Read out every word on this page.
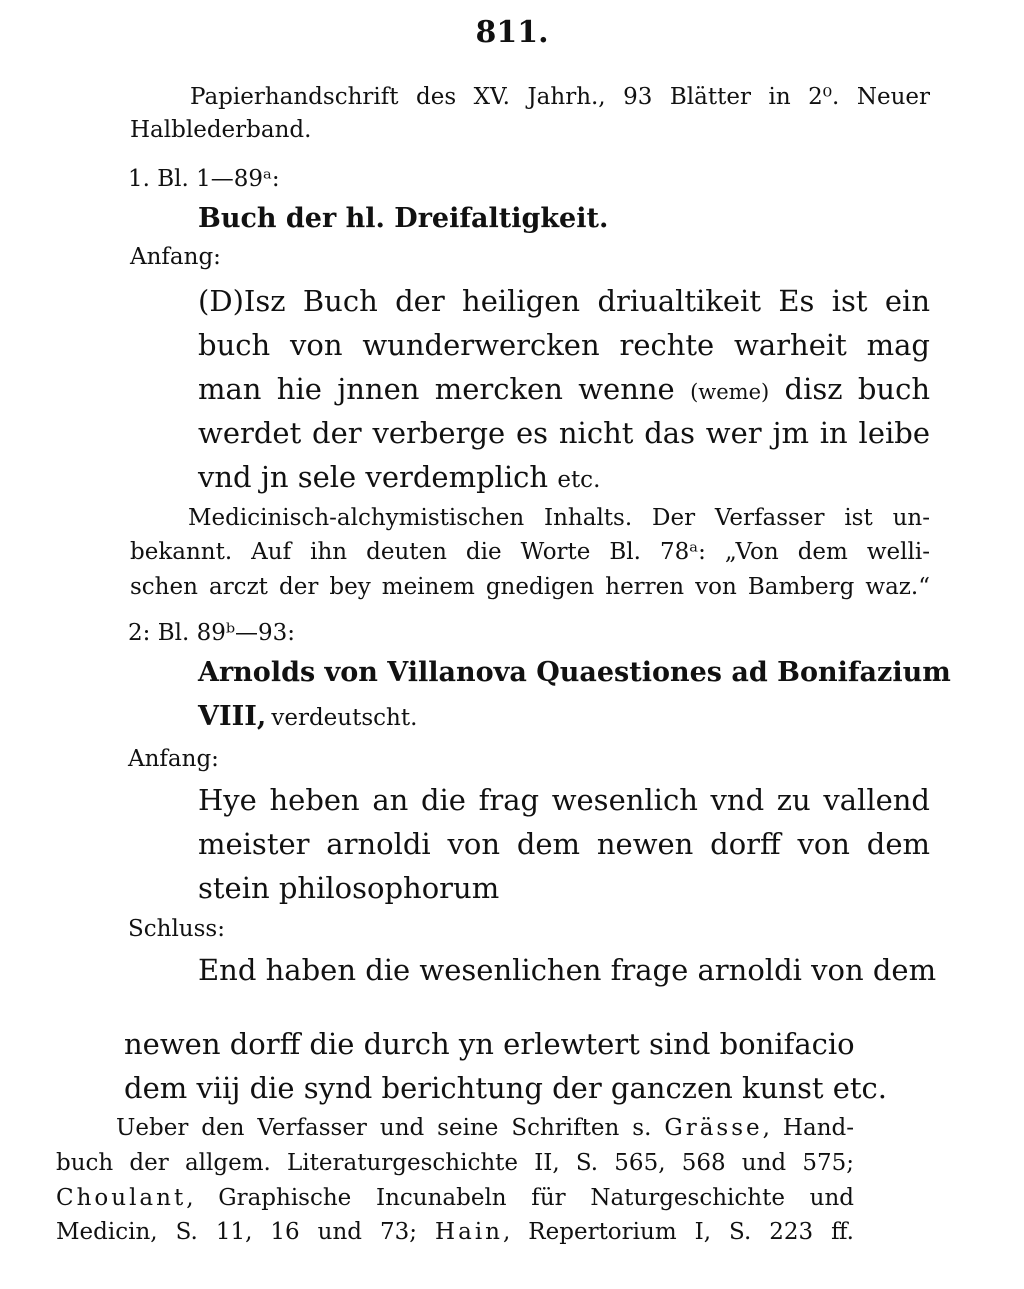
811.
Papierhandschrift des XV. Jahrh., 93 Blätter in 2⁰. Neuer
Halblederband.
1. Bl. 1—89ᵃ:
Buch der hl. Dreifaltigkeit.
Anfang:
(D)Isz Buch der heiligen driualtikeit Es ist ein
buch von wunderwercken rechte warheit mag
man hie jnnen mercken wenne (weme) disz buch
werdet der verberge es nicht das wer jm in leibe
vnd jn sele verdemplich etc.
Medicinisch-alchymistischen Inhalts. Der Verfasser ist un-
bekannt. Auf ihn deuten die Worte Bl. 78ᵃ: „Von dem welli-
schen arczt der bey meinem gnedigen herren von Bamberg waz.“
2: Bl. 89ᵇ—93:
Arnolds von Villanova Quaestiones ad Bonifazium
VIII, verdeutscht.
Anfang:
Hye heben an die frag wesenlich vnd zu vallend
meister arnoldi von dem newen dorff von dem
stein philosophorum
Schluss:
End haben die wesenlichen frage arnoldi von dem
newen dorff die durch yn erlewtert sind bonifacio
dem viij die synd berichtung der ganczen kunst etc.
Ueber den Verfasser und seine Schriften s. Grässe, Hand-
buch der allgem. Literaturgeschichte II, S. 565, 568 und 575;
Choulant, Graphische Incunabeln für Naturgeschichte und
Medicin, S. 11, 16 und 73; Hain, Repertorium I, S. 223 ff.
